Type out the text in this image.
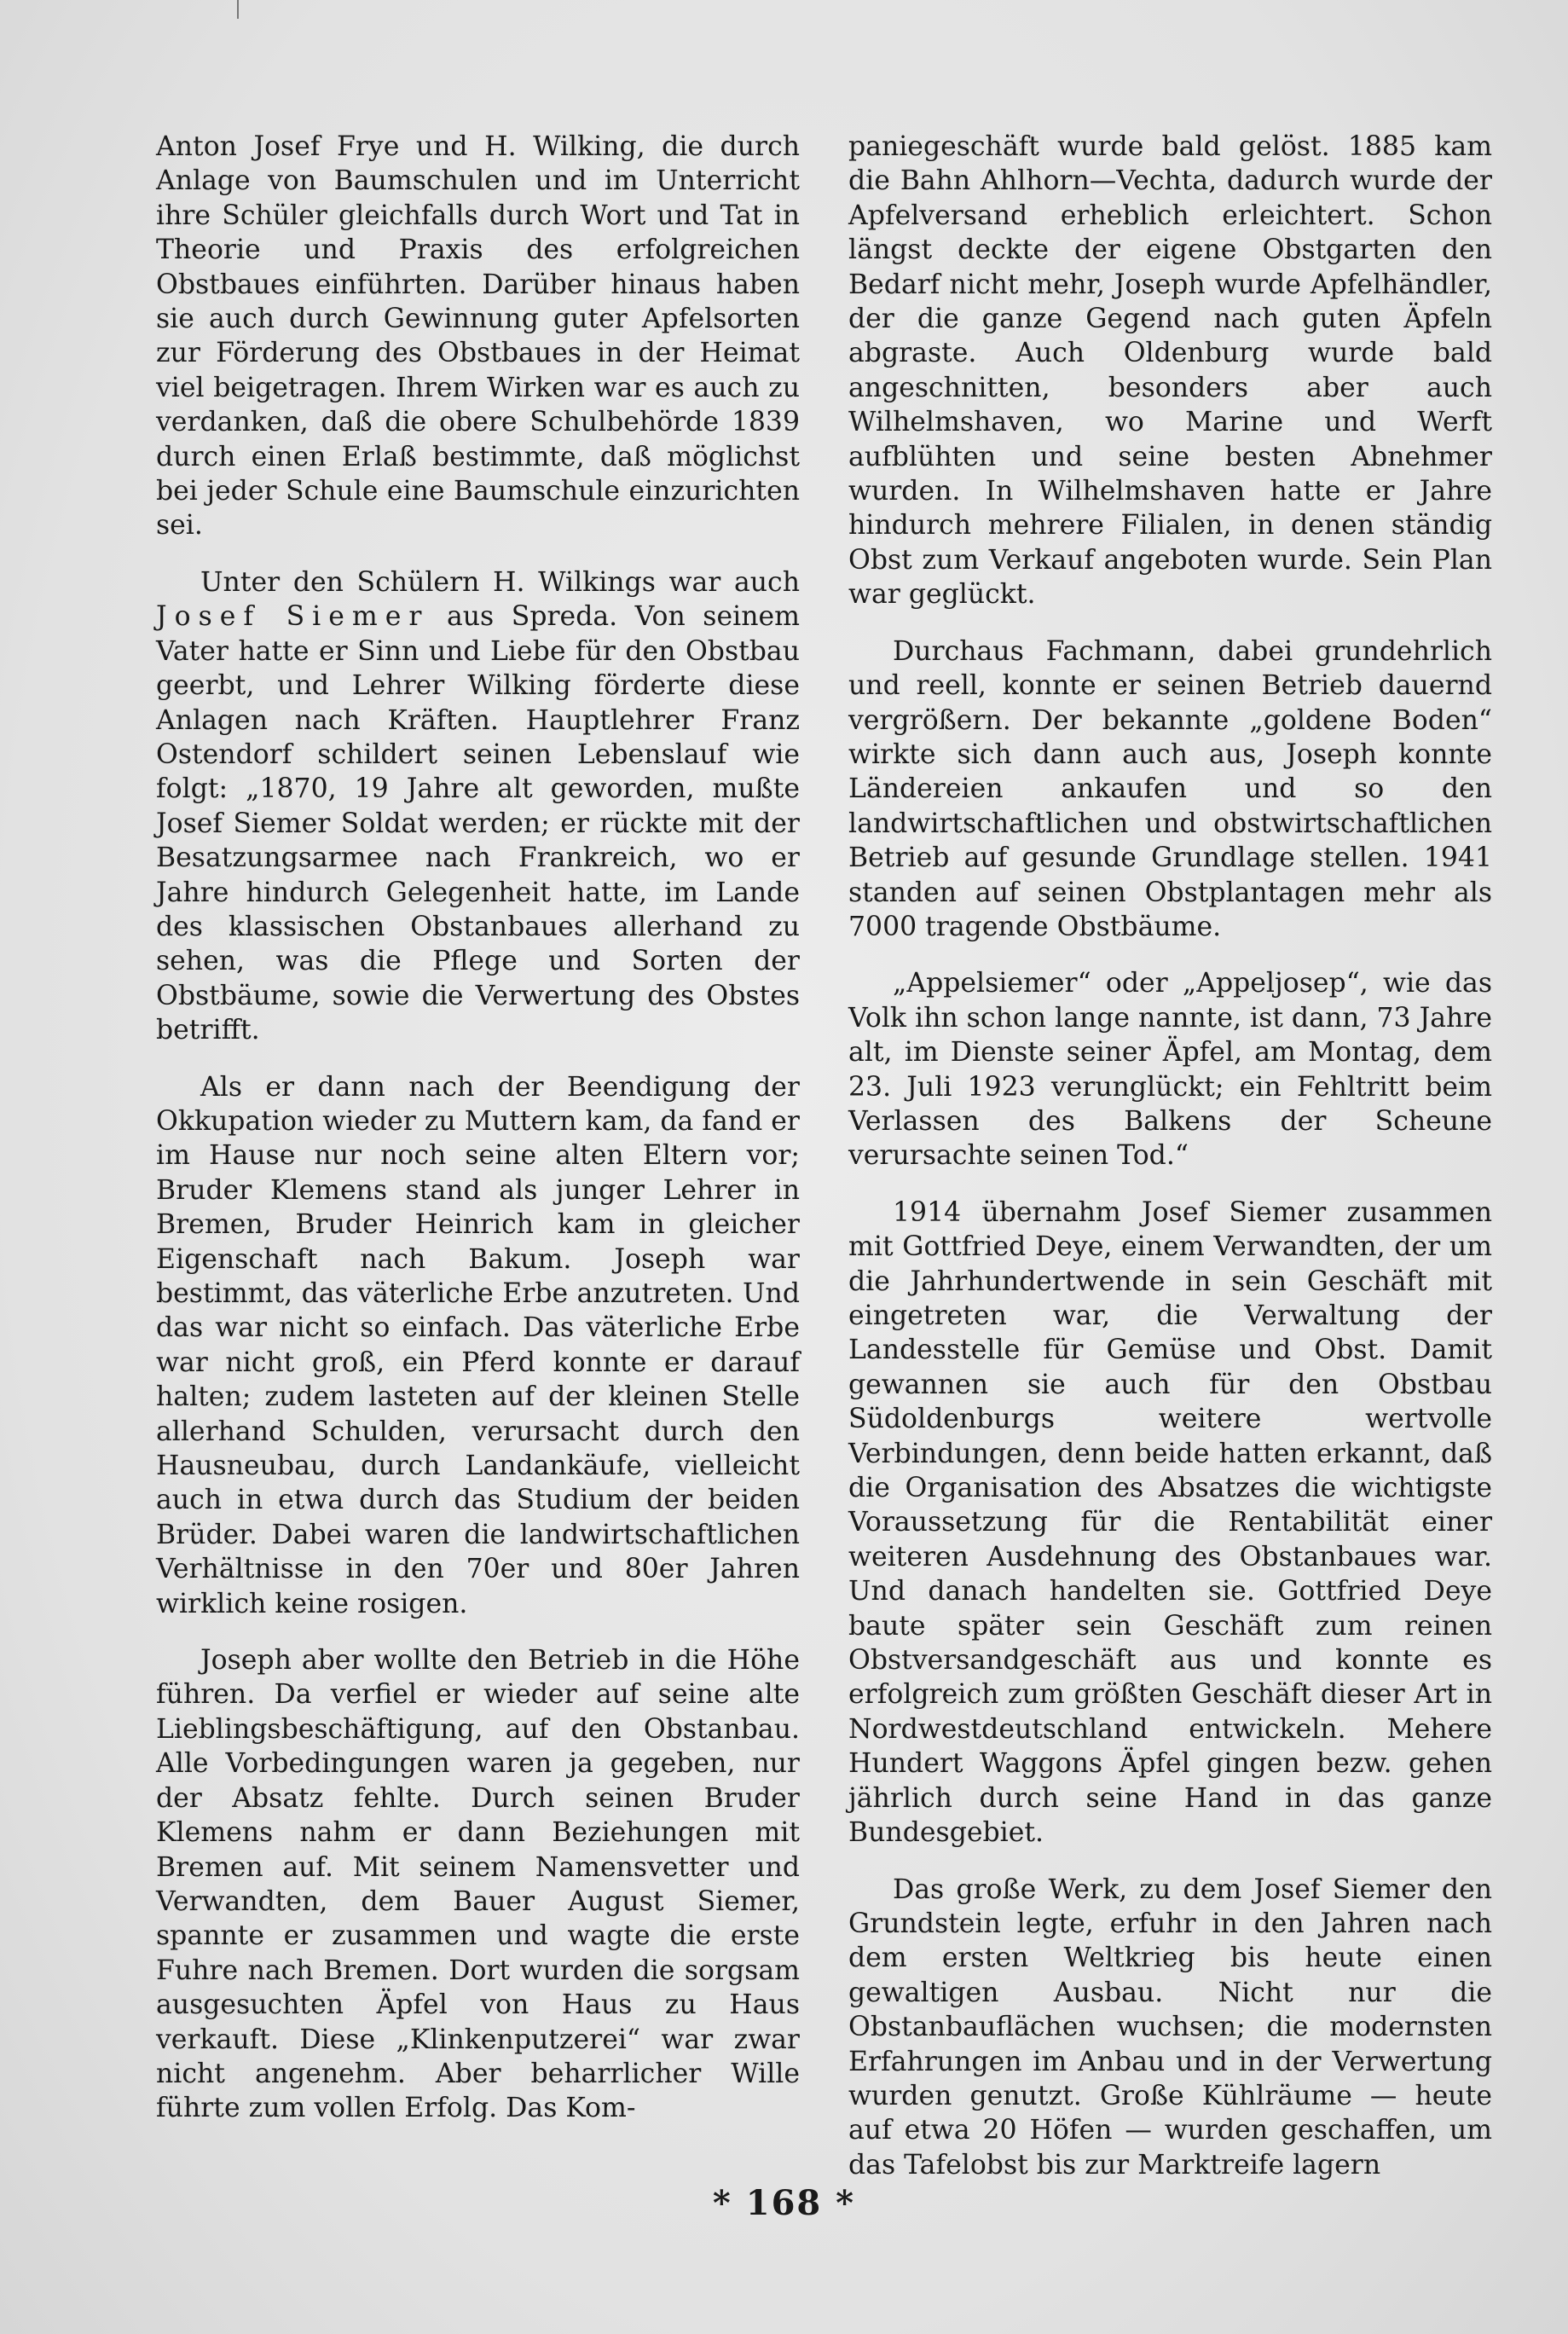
Anton Josef Frye und H. Wilking, die durch Anlage von Baumschulen und im Unterricht ihre Schüler gleichfalls durch Wort und Tat in Theorie und Praxis des erfolgreichen Obstbaues einführten. Darüber hinaus haben sie auch durch Gewinnung guter Apfelsorten zur Förderung des Obstbaues in der Heimat viel beigetragen. Ihrem Wirken war es auch zu verdanken, daß die obere Schulbehörde 1839 durch einen Erlaß bestimmte, daß möglichst bei jeder Schule eine Baumschule einzurichten sei.

Unter den Schülern H. Wilkings war auch Josef Siemer aus Spreda. Von seinem Vater hatte er Sinn und Liebe für den Obstbau geerbt, und Lehrer Wilking förderte diese Anlagen nach Kräften. Hauptlehrer Franz Ostendorf schildert seinen Lebenslauf wie folgt: „1870, 19 Jahre alt geworden, mußte Josef Siemer Soldat werden; er rückte mit der Besatzungsarmee nach Frankreich, wo er Jahre hindurch Gelegenheit hatte, im Lande des klassischen Obstanbaues allerhand zu sehen, was die Pflege und Sorten der Obstbäume, sowie die Verwertung des Obstes betrifft.

Als er dann nach der Beendigung der Okkupation wieder zu Muttern kam, da fand er im Hause nur noch seine alten Eltern vor; Bruder Klemens stand als junger Lehrer in Bremen, Bruder Heinrich kam in gleicher Eigenschaft nach Bakum. Joseph war bestimmt, das väterliche Erbe anzutreten. Und das war nicht so einfach. Das väterliche Erbe war nicht groß, ein Pferd konnte er darauf halten; zudem lasteten auf der kleinen Stelle allerhand Schulden, verursacht durch den Hausneubau, durch Landankäufe, vielleicht auch in etwa durch das Studium der beiden Brüder. Dabei waren die landwirtschaftlichen Verhältnisse in den 70er und 80er Jahren wirklich keine rosigen.

Joseph aber wollte den Betrieb in die Höhe führen. Da verfiel er wieder auf seine alte Lieblingsbeschäftigung, auf den Obstanbau. Alle Vorbedingungen waren ja gegeben, nur der Absatz fehlte. Durch seinen Bruder Klemens nahm er dann Beziehungen mit Bremen auf. Mit seinem Namensvetter und Verwandten, dem Bauer August Siemer, spannte er zusammen und wagte die erste Fuhre nach Bremen. Dort wurden die sorgsam ausgesuchten Äpfel von Haus zu Haus verkauft. Diese „Klinkenputzerei“ war zwar nicht angenehm. Aber beharrlicher Wille führte zum vollen Erfolg. Das Kom-

paniegeschäft wurde bald gelöst. 1885 kam die Bahn Ahlhorn—Vechta, dadurch wurde der Apfelversand erheblich erleichtert. Schon längst deckte der eigene Obstgarten den Bedarf nicht mehr, Joseph wurde Apfelhändler, der die ganze Gegend nach guten Äpfeln abgraste. Auch Oldenburg wurde bald angeschnitten, besonders aber auch Wilhelmshaven, wo Marine und Werft aufblühten und seine besten Abnehmer wurden. In Wilhelmshaven hatte er Jahre hindurch mehrere Filialen, in denen ständig Obst zum Verkauf angeboten wurde. Sein Plan war geglückt.

Durchaus Fachmann, dabei grundehrlich und reell, konnte er seinen Betrieb dauernd vergrößern. Der bekannte „goldene Boden“ wirkte sich dann auch aus, Joseph konnte Ländereien ankaufen und so den landwirtschaftlichen und obstwirtschaftlichen Betrieb auf gesunde Grundlage stellen. 1941 standen auf seinen Obstplantagen mehr als 7000 tragende Obstbäume.

„Appelsiemer“ oder „Appeljosep“, wie das Volk ihn schon lange nannte, ist dann, 73 Jahre alt, im Dienste seiner Äpfel, am Montag, dem 23. Juli 1923 verunglückt; ein Fehltritt beim Verlassen des Balkens der Scheune verursachte seinen Tod.“

1914 übernahm Josef Siemer zusammen mit Gottfried Deye, einem Verwandten, der um die Jahrhundertwende in sein Geschäft mit eingetreten war, die Verwaltung der Landesstelle für Gemüse und Obst. Damit gewannen sie auch für den Obstbau Südoldenburgs weitere wertvolle Verbindungen, denn beide hatten erkannt, daß die Organisation des Absatzes die wichtigste Voraussetzung für die Rentabilität einer weiteren Ausdehnung des Obstanbaues war. Und danach handelten sie. Gottfried Deye baute später sein Geschäft zum reinen Obstversandgeschäft aus und konnte es erfolgreich zum größten Geschäft dieser Art in Nordwestdeutschland entwickeln. Mehere Hundert Waggons Äpfel gingen bezw. gehen jährlich durch seine Hand in das ganze Bundesgebiet.

Das große Werk, zu dem Josef Siemer den Grundstein legte, erfuhr in den Jahren nach dem ersten Weltkrieg bis heute einen gewaltigen Ausbau. Nicht nur die Obstanbauflächen wuchsen; die modernsten Erfahrungen im Anbau und in der Verwertung wurden genutzt. Große Kühlräume — heute auf etwa 20 Höfen — wurden geschaffen, um das Tafelobst bis zur Marktreife lagern

* 168 *
